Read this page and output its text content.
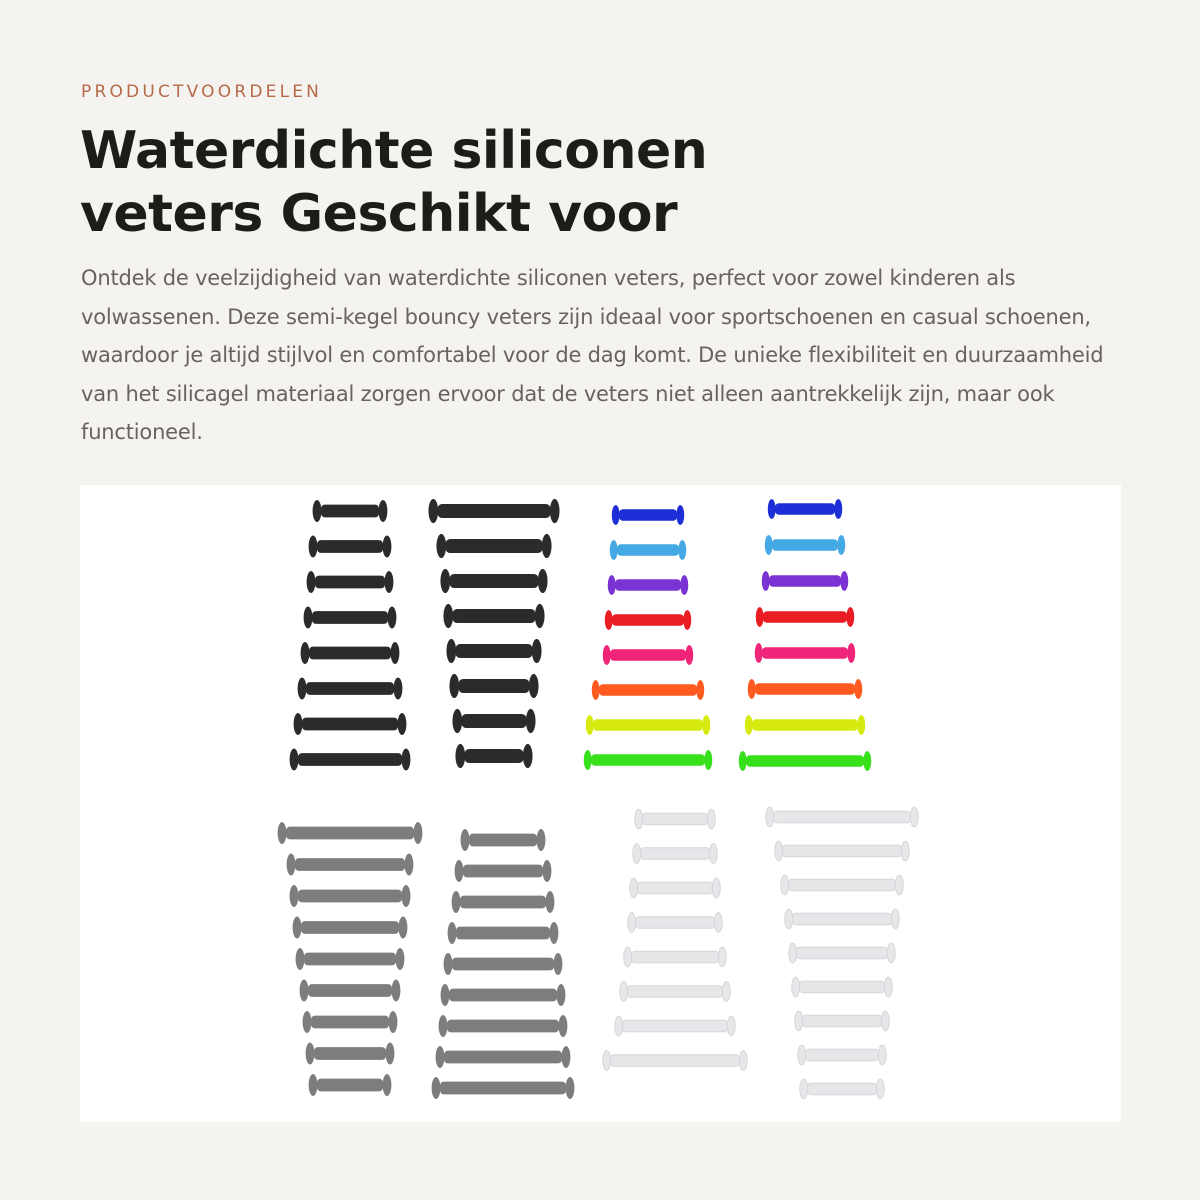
PRODUCTVOORDELEN
Waterdichte siliconen veters Geschikt voor

Ontdek de veelzijdigheid van waterdichte siliconen veters, perfect voor zowel kinderen als volwassenen. Deze semi-kegel bouncy veters zijn ideaal voor sportschoenen en casual schoenen, waardoor je altijd stijlvol en comfortabel voor de dag komt. De unieke flexibiliteit en duurzaamheid van het silicagel materiaal zorgen ervoor dat de veters niet alleen aantrekkelijk zijn, maar ook functioneel.
